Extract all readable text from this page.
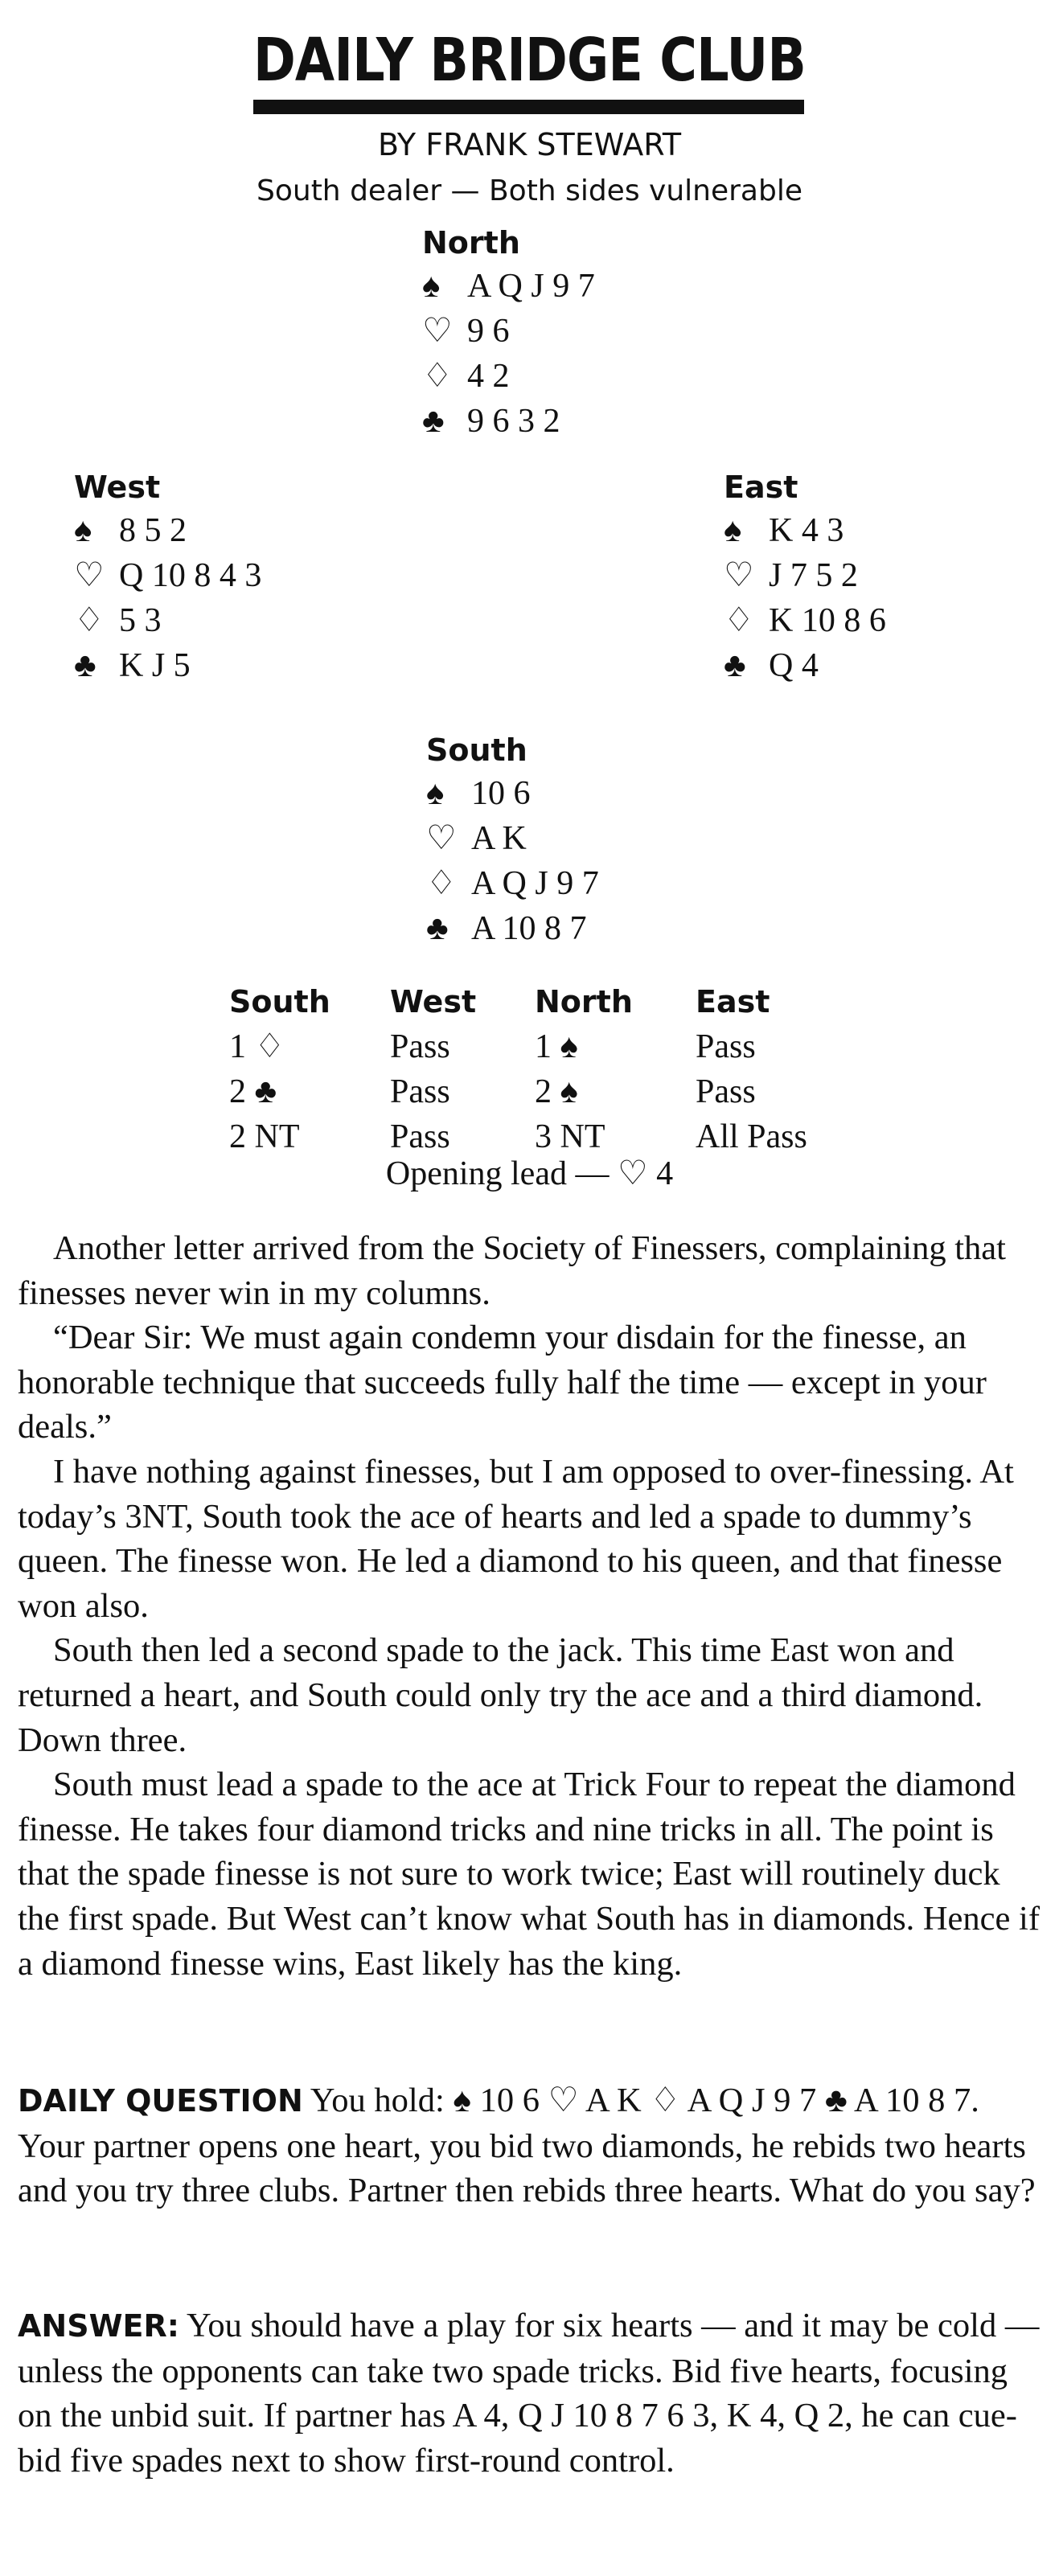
DAILY BRIDGE CLUB
BY FRANK STEWART
South dealer — Both sides vulnerable
North
♠ A Q J 9 7
♡ 9 6
♢ 4 2
♣ 9 6 3 2
West
♠ 8 5 2
♡ Q 10 8 4 3
♢ 5 3
♣ K J 5
East
♠ K 4 3
♡ J 7 5 2
♢ K 10 8 6
♣ Q 4
South
♠ 10 6
♡ A K
♢ A Q J 9 7
♣ A 10 8 7
South West North East
1 ♢	Pass	1 ♠	Pass
2 ♣	Pass	2 ♠	Pass
2 NT	Pass	3 NT	All Pass
Opening lead — ♡ 4

Another letter arrived from the Society of Finessers, complaining that finesses never win in my columns.

“Dear Sir: We must again condemn your disdain for the finesse, an honorable technique that succeeds fully half the time — except in your deals.”

I have nothing against finesses, but I am opposed to over-finessing. At today’s 3NT, South took the ace of hearts and led a spade to dummy’s queen. The finesse won. He led a diamond to his queen, and that finesse won also.

South then led a second spade to the jack. This time East won and returned a heart, and South could only try the ace and a third diamond. Down three.

South must lead a spade to the ace at Trick Four to repeat the diamond finesse. He takes four diamond tricks and nine tricks in all. The point is that the spade finesse is not sure to work twice; East will routinely duck the first spade. But West can’t know what South has in diamonds. Hence if a diamond finesse wins, East likely has the king.

DAILY QUESTION You hold: ♠ 10 6 ♡ A K ♢ A Q J 9 7 ♣ A 10 8 7. Your partner opens one heart, you bid two diamonds, he rebids two hearts and you try three clubs. Partner then rebids three hearts. What do you say?
ANSWER: You should have a play for six hearts — and it may be cold — unless the opponents can take two spade tricks. Bid five hearts, focusing on the unbid suit. If partner has A 4, Q J 10 8 7 6 3, K 4, Q 2, he can cue-bid five spades next to show first-round control.
